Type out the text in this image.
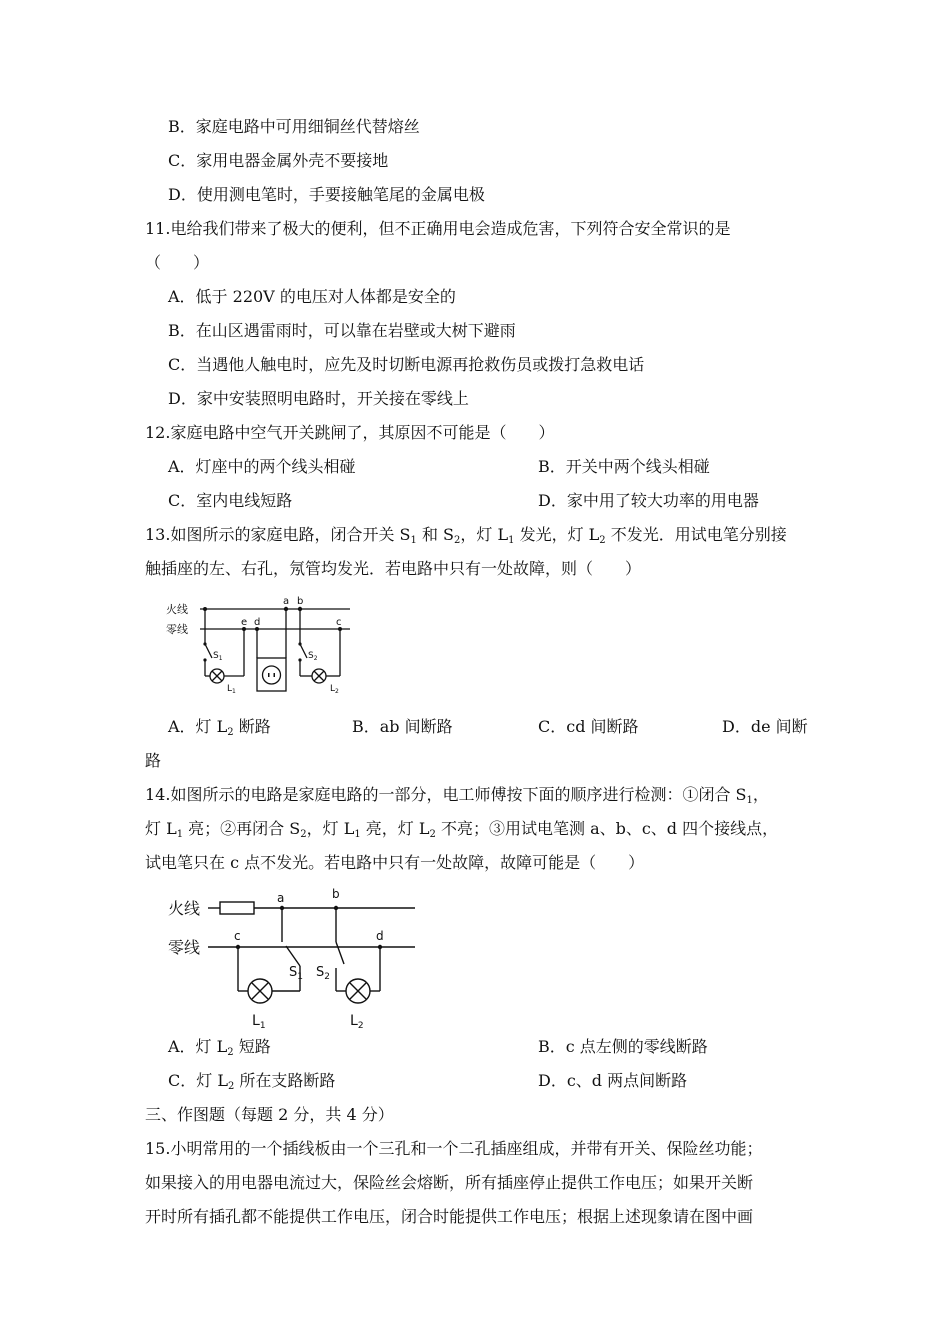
B．家庭电路中可用细铜丝代替熔丝
C．家用电器金属外壳不要接地
D．使用测电笔时，手要接触笔尾的金属电极
11.电给我们带来了极大的便利，但不正确用电会造成危害，下列符合安全常识的是
（　　）
A．低于 220V 的电压对人体都是安全的
B．在山区遇雷雨时，可以靠在岩壁或大树下避雨
C．当遇他人触电时，应先及时切断电源再抢救伤员或拨打急救电话
D．家中安装照明电路时，开关接在零线上
12.家庭电路中空气开关跳闸了，其原因不可能是（　　）
A．灯座中的两个线头相碰	B．开关中两个线头相碰
C．室内电线短路	D．家中用了较大功率的用电器
13.如图所示的家庭电路，闭合开关 $S_1$ 和 $S_2$，灯 $L_1$ 发光，灯 $L_2$ 不发光．用试电笔分别接
触插座的左、右孔，氖管均发光．若电路中只有一处故障，则（　　）
火线
零线
a b
c
d
e
$S_1$
$L_1$
$S_2$
$L_2$
A．灯 $L_2$ 断路	B．ab 间断路	C．cd 间断路	D．de 间断
路
14.如图所示的电路是家庭电路的一部分，电工师傅按下面的顺序进行检测：①闭合 $S_1$，
灯 $L_1$ 亮；②再闭合 $S_2$，灯 $L_1$ 亮，灯 $L_2$ 不亮；③用试电笔测 a、b、c、d 四个接线点，
试电笔只在 c 点不发光。若电路中只有一处故障，故障可能是（　　）
火线
零线
a	b
c	d
$S_1$ $S_2$
$L_1$	$L_2$
A．灯 $L_2$ 短路	B．c 点左侧的零线断路
C．灯 $L_2$ 所在支路断路	D．c、d 两点间断路
三、作图题（每题 2 分，共 4 分）
15.小明常用的一个插线板由一个三孔和一个二孔插座组成，并带有开关、保险丝功能；
如果接入的用电器电流过大，保险丝会熔断，所有插座停止提供工作电压；如果开关断
开时所有插孔都不能提供工作电压，闭合时能提供工作电压；根据上述现象请在图中画
